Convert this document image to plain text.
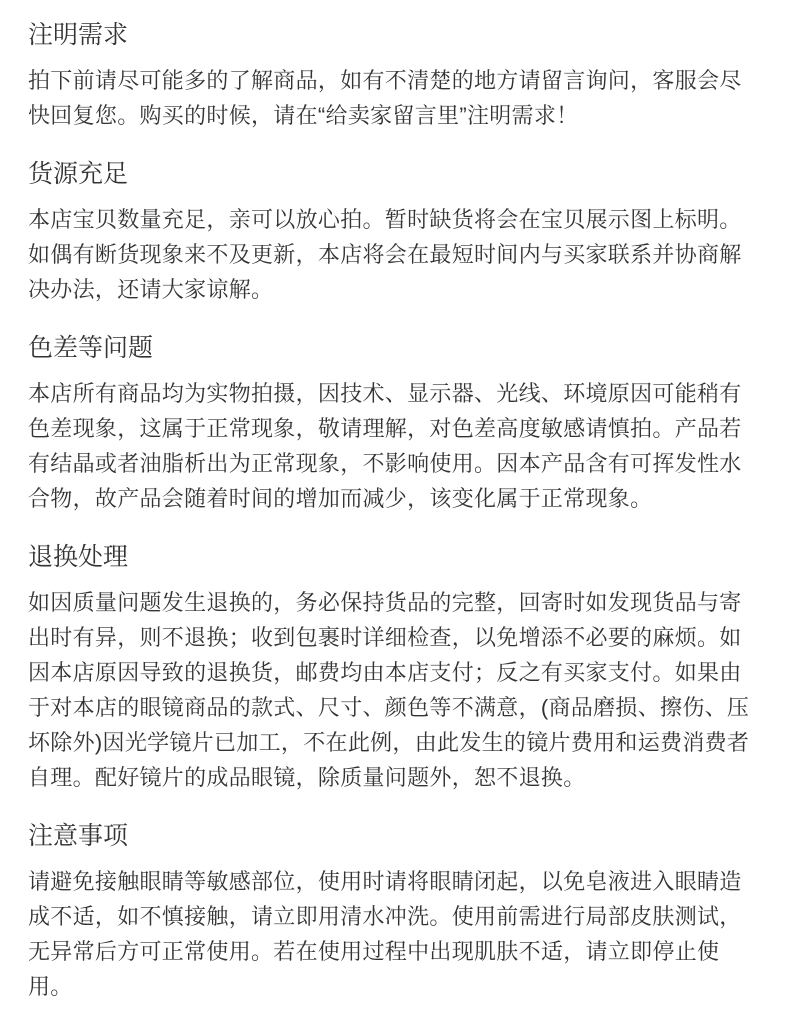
注明需求

拍下前请尽可能多的了解商品，如有不清楚的地方请留言询问，客服会尽快回复您。购买的时候，请在“给卖家留言里”注明需求！

货源充足

本店宝贝数量充足，亲可以放心拍。暂时缺货将会在宝贝展示图上标明。如偶有断货现象来不及更新，本店将会在最短时间内与买家联系并协商解决办法，还请大家谅解。

色差等问题

本店所有商品均为实物拍摄，因技术、显示器、光线、环境原因可能稍有色差现象，这属于正常现象，敬请理解，对色差高度敏感请慎拍。产品若有结晶或者油脂析出为正常现象，不影响使用。因本产品含有可挥发性水合物，故产品会随着时间的增加而减少，该变化属于正常现象。

退换处理

如因质量问题发生退换的，务必保持货品的完整，回寄时如发现货品与寄出时有异，则不退换；收到包裹时详细检查，以免增添不必要的麻烦。如因本店原因导致的退换货，邮费均由本店支付；反之有买家支付。如果由于对本店的眼镜商品的款式、尺寸、颜色等不满意，(商品磨损、擦伤、压坏除外)因光学镜片已加工，不在此例，由此发生的镜片费用和运费消费者自理。配好镜片的成品眼镜，除质量问题外，恕不退换。

注意事项

请避免接触眼睛等敏感部位，使用时请将眼睛闭起，以免皂液进入眼睛造成不适，如不慎接触，请立即用清水冲洗。使用前需进行局部皮肤测试，无异常后方可正常使用。若在使用过程中出现肌肤不适，请立即停止使用。
